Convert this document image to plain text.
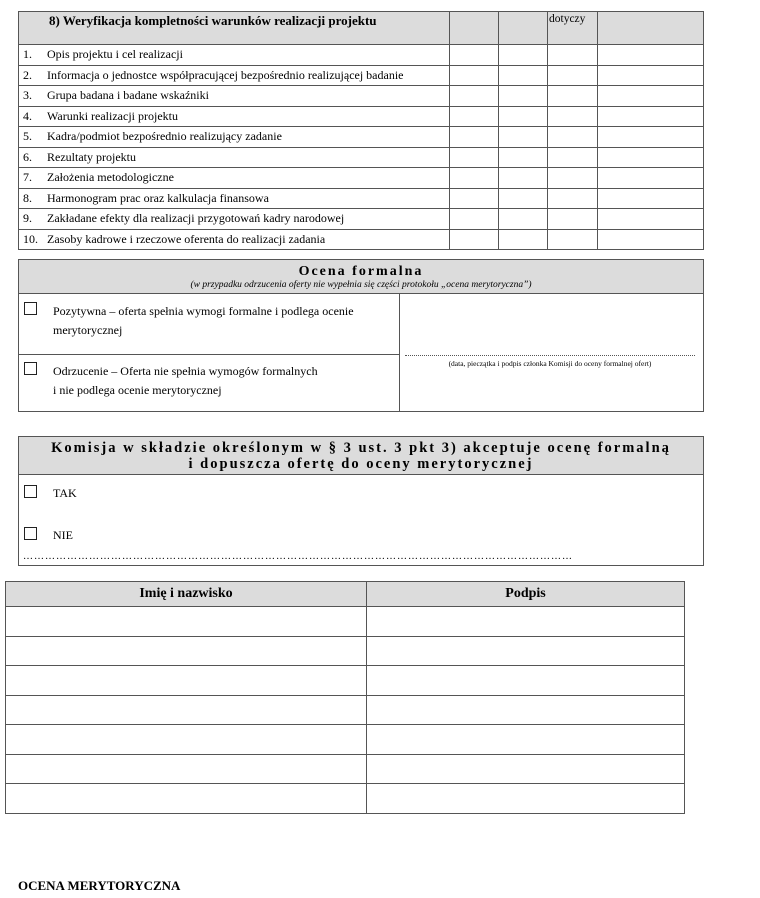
8) Weryfikacja kompletności warunków realizacji projektu				dotyczy	
1.	Opis projektu i cel realizacji				
2.	Informacja o jednostce współpracującej bezpośrednio realizującej badanie				
3.	Grupa badana i badane wskaźniki				
4.	Warunki realizacji projektu				
5.	Kadra/podmiot bezpośrednio realizujący zadanie				
6.	Rezultaty projektu				
7.	Założenia metodologiczne				
8.	Harmonogram prac oraz kalkulacja finansowa				
9.	Zakładane efekty dla realizacji przygotowań kadry narodowej				
10.	Zasoby kadrowe i rzeczowe oferenta do realizacji zadania				
Ocena formalna
(w przypadku odrzucenia oferty nie wypełnia się części protokołu „ocena merytoryczna”)
Pozytywna – oferta spełnia wymogi formalne i podlega ocenie
merytorycznej
Odrzucenie – Oferta nie spełnia wymogów formalnych
i nie podlega ocenie merytorycznej
(data, pieczątka i podpis członka Komisji do oceny formalnej ofert)
Komisja w składzie określonym w § 3 ust. 3 pkt 3) akceptuje ocenę formalną
i dopuszcza ofertę do oceny merytorycznej
TAK
NIE
……………………………………………………………………………………………………………………………………
Imię i nazwisko	Podpis

OCENA MERYTORYCZNA
